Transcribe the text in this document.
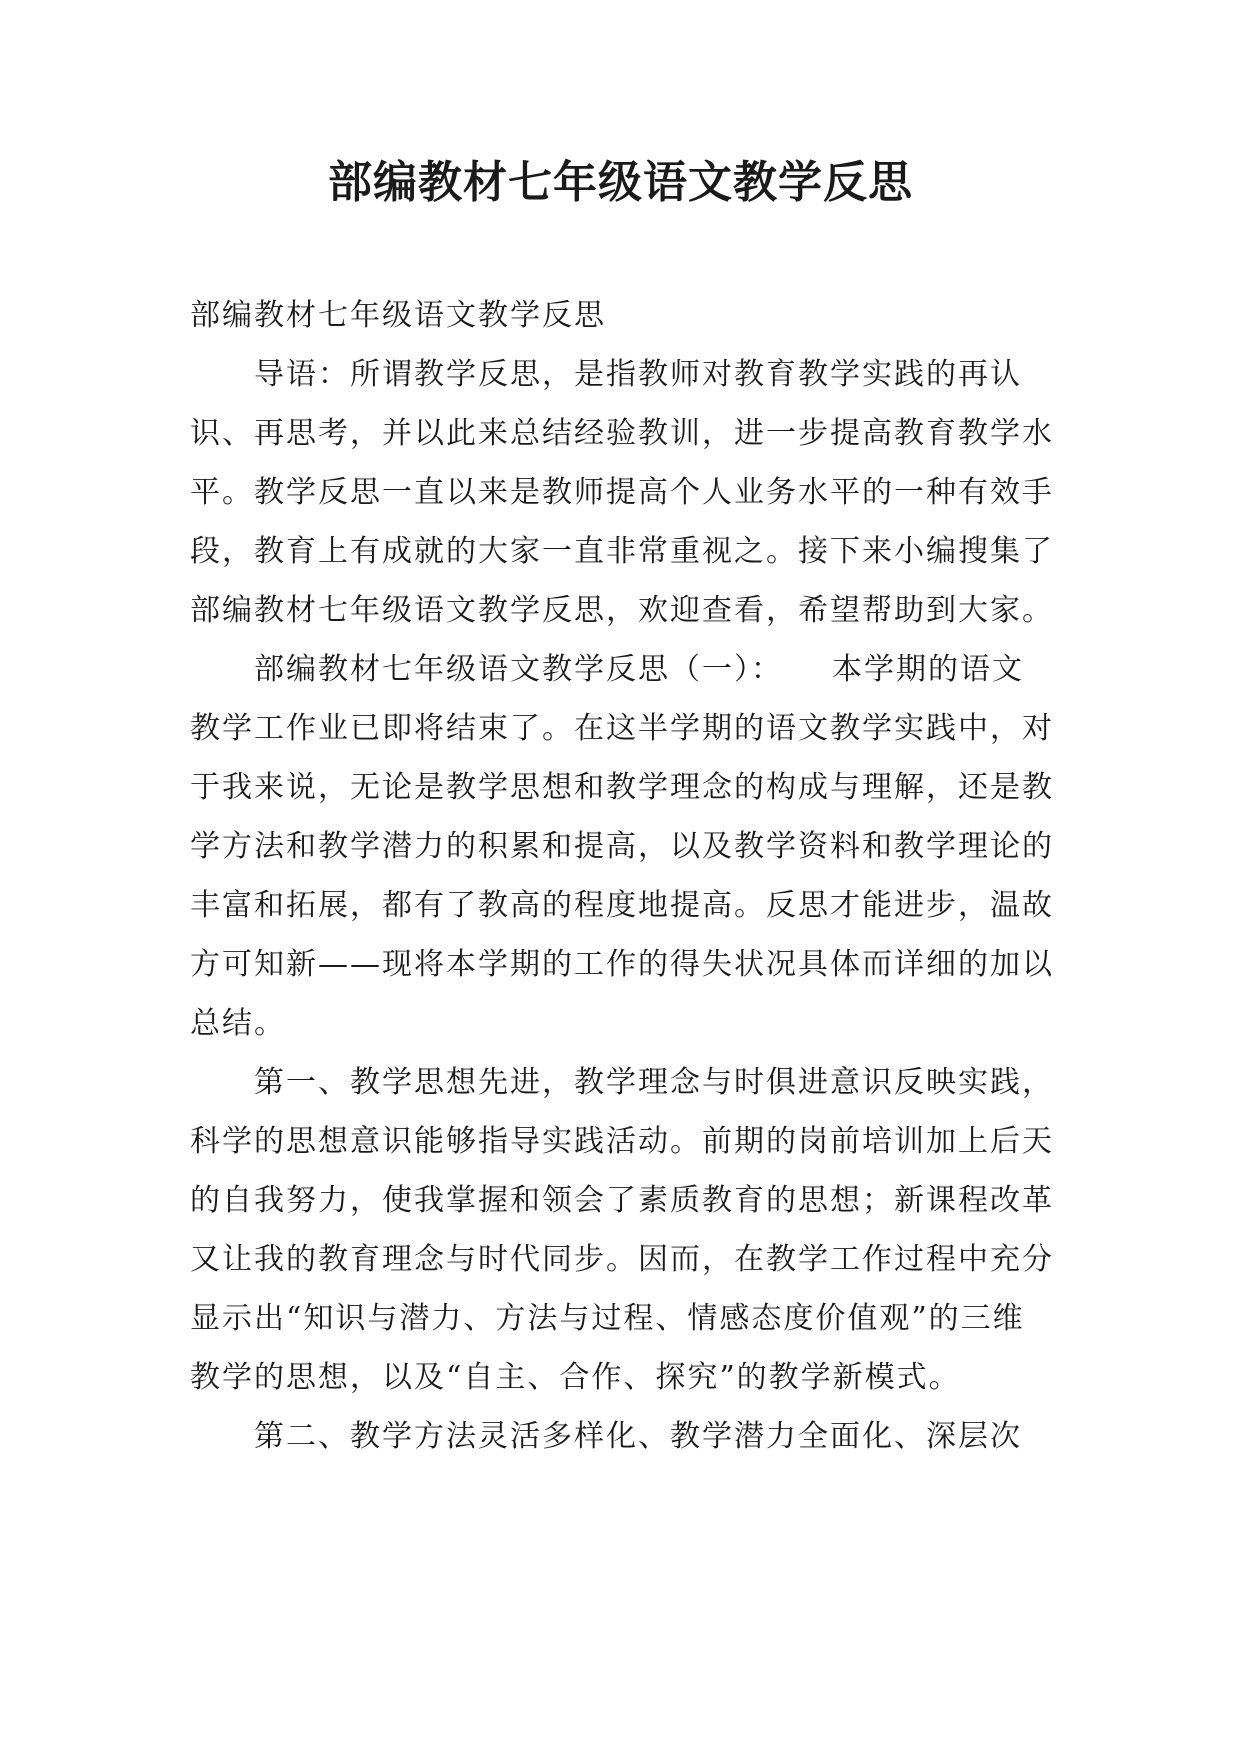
部编教材七年级语文教学反思

部编教材七年级语文教学反思

导语：所谓教学反思，是指教师对教育教学实践的再认识、再思考，并以此来总结经验教训，进一步提高教育教学水平。教学反思一直以来是教师提高个人业务水平的一种有效手段，教育上有成就的大家一直非常重视之。接下来小编搜集了部编教材七年级语文教学反思，欢迎查看，希望帮助到大家。

部编教材七年级语文教学反思（一）：　　本学期的语文教学工作业已即将结束了。在这半学期的语文教学实践中，对于我来说，无论是教学思想和教学理念的构成与理解，还是教学方法和教学潜力的积累和提高，以及教学资料和教学理论的丰富和拓展，都有了教高的程度地提高。反思才能进步，温故方可知新——现将本学期的工作的得失状况具体而详细的加以总结。

第一、教学思想先进，教学理念与时俱进意识反映实践，科学的思想意识能够指导实践活动。前期的岗前培训加上后天的自我努力，使我掌握和领会了素质教育的思想；新课程改革又让我的教育理念与时代同步。因而，在教学工作过程中充分显示出“知识与潜力、方法与过程、情感态度价值观”的三维教学的思想，以及“自主、合作、探究”的教学新模式。

第二、教学方法灵活多样化、教学潜力全面化、深层次
